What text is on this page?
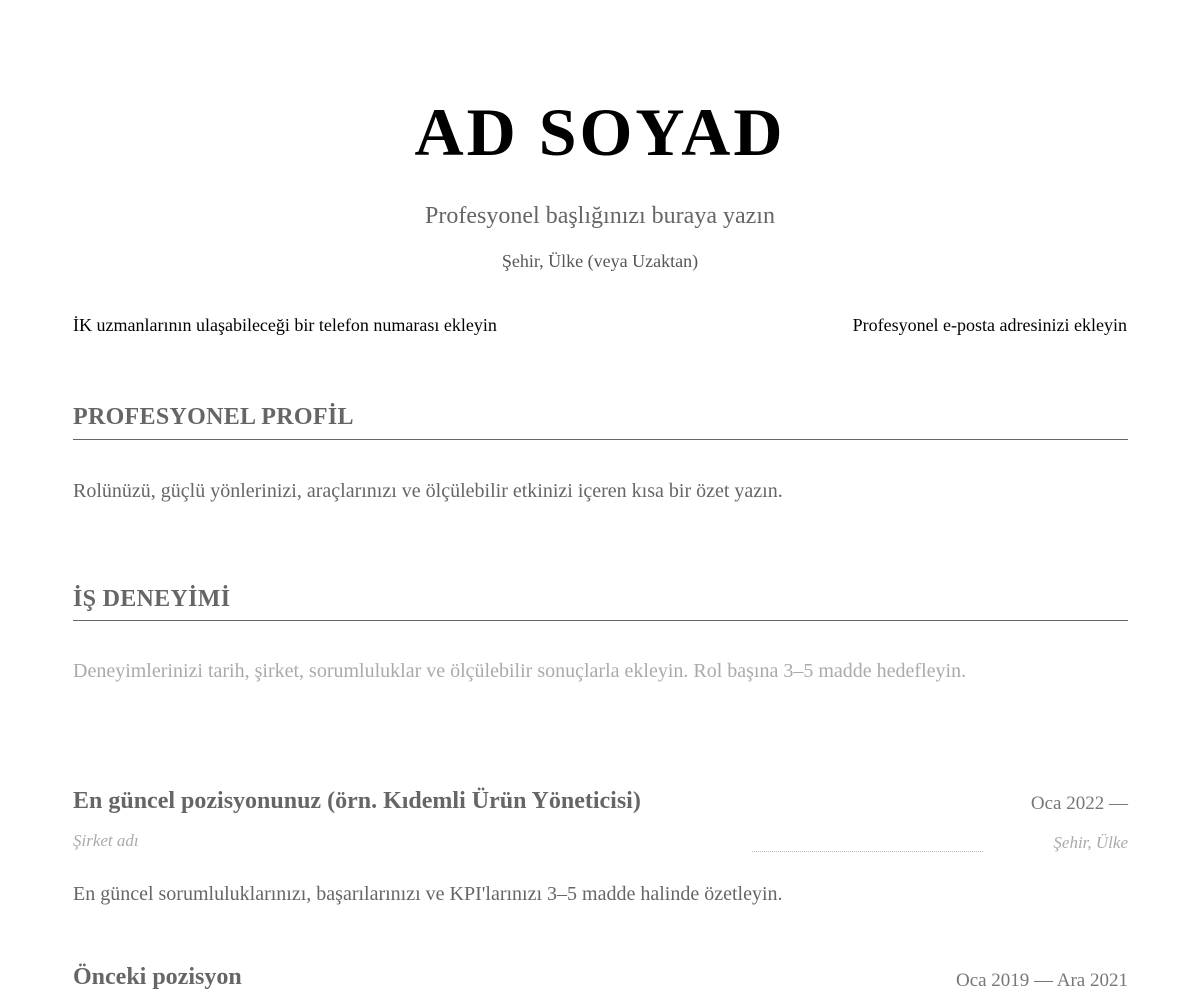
AD SOYAD
Profesyonel başlığınızı buraya yazın
Şehir, Ülke (veya Uzaktan)
İK uzmanlarının ulaşabileceği bir telefon numarası ekleyin	Profesyonel e-posta adresinizi ekleyin
PROFESYONEL PROFİL
Rolünüzü, güçlü yönlerinizi, araçlarınızı ve ölçülebilir etkinizi içeren kısa bir özet yazın.
İŞ DENEYİMİ
Deneyimlerinizi tarih, şirket, sorumluluklar ve ölçülebilir sonuçlarla ekleyin. Rol başına 3–5 madde hedefleyin.
En güncel pozisyonunuz (örn. Kıdemli Ürün Yöneticisi)	Oca 2022 —
Şirket adı	Şehir, Ülke
En güncel sorumluluklarınızı, başarılarınızı ve KPI'larınızı 3–5 madde halinde özetleyin.
Önceki pozisyon	Oca 2019 — Ara 2021
